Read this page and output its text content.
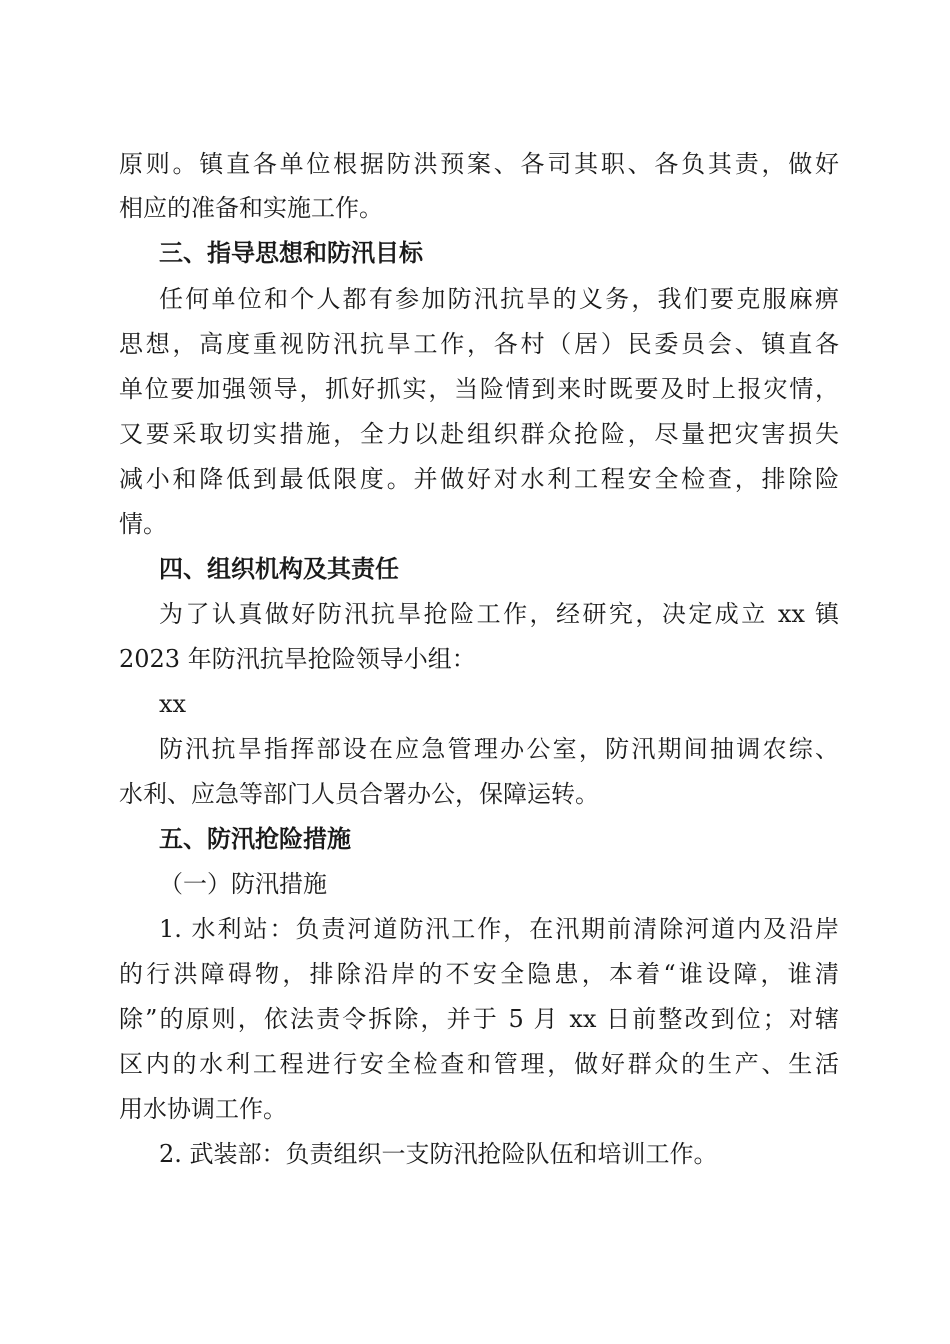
原则。镇直各单位根据防洪预案、各司其职、各负其责，做好
相应的准备和实施工作。
三、指导思想和防汛目标
任何单位和个人都有参加防汛抗旱的义务，我们要克服麻痹
思想，高度重视防汛抗旱工作，各村（居）民委员会、镇直各
单位要加强领导，抓好抓实，当险情到来时既要及时上报灾情，
又要采取切实措施，全力以赴组织群众抢险，尽量把灾害损失
减小和降低到最低限度。并做好对水利工程安全检查，排除险
情。
四、组织机构及其责任
为了认真做好防汛抗旱抢险工作，经研究，决定成立 xx 镇
2023 年防汛抗旱抢险领导小组：
xx
防汛抗旱指挥部设在应急管理办公室，防汛期间抽调农综、
水利、应急等部门人员合署办公，保障运转。
五、防汛抢险措施
（一）防汛措施
1. 水利站：负责河道防汛工作，在汛期前清除河道内及沿岸
的行洪障碍物，排除沿岸的不安全隐患，本着“谁设障，谁清
除”的原则，依法责令拆除，并于 5 月 xx 日前整改到位；对辖
区内的水利工程进行安全检查和管理，做好群众的生产、生活
用水协调工作。
2. 武装部：负责组织一支防汛抢险队伍和培训工作。
